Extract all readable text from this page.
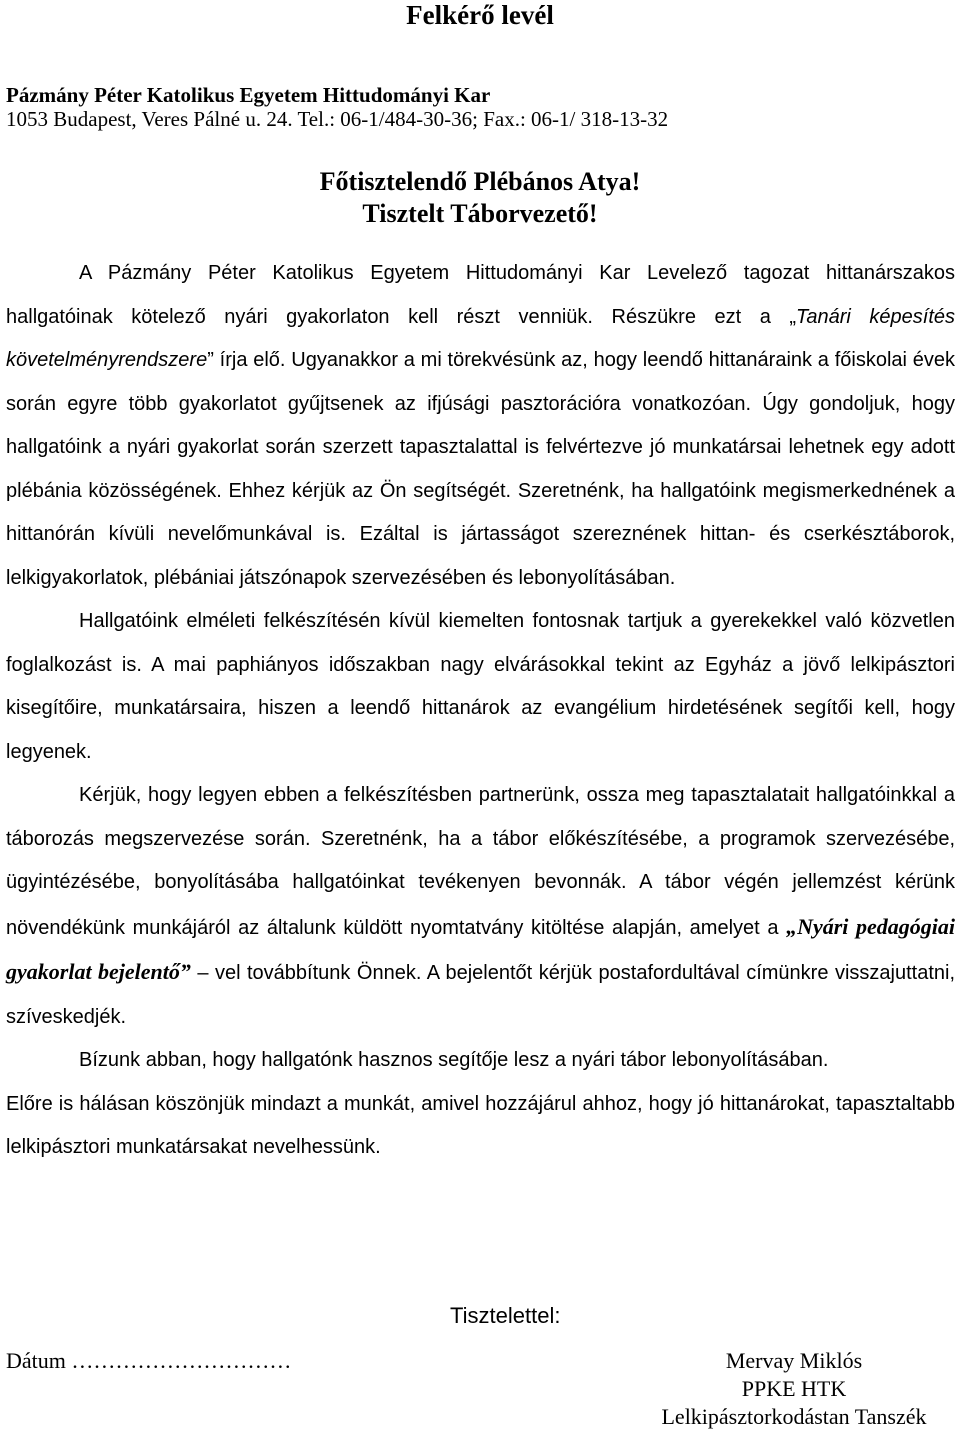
Felkérő levél
Pázmány Péter Katolikus Egyetem Hittudományi Kar
1053 Budapest, Veres Pálné u. 24. Tel.: 06-1/484-30-36; Fax.: 06-1/ 318-13-32
Főtisztelendő Plébános Atya!
Tisztelt Táborvezető!

A Pázmány Péter Katolikus Egyetem Hittudományi Kar Levelező tagozat hittanárszakos hallgatóinak kötelező nyári gyakorlaton kell részt venniük. Részükre ezt a „Tanári képesítés követelményrendszere” írja elő. Ugyanakkor a mi törekvésünk az, hogy leendő hittanáraink a főiskolai évek során egyre több gyakorlatot gyűjtsenek az ifjúsági pasztorációra vonatkozóan. Úgy gondoljuk, hogy hallgatóink a nyári gyakorlat során szerzett tapasztalattal is felvértezve jó munkatársai lehetnek egy adott plébánia közösségének. Ehhez kérjük az Ön segítségét. Szeretnénk, ha hallgatóink megismerkednének a hittanórán kívüli nevelőmunkával is. Ezáltal is jártasságot szereznének hittan- és cserkésztáborok, lelkigyakorlatok, plébániai játszónapok szervezésében és lebonyolításában.

Hallgatóink elméleti felkészítésén kívül kiemelten fontosnak tartjuk a gyerekekkel való közvetlen foglalkozást is. A mai paphiányos időszakban nagy elvárásokkal tekint az Egyház a jövő lelkipásztori kisegítőire, munkatársaira, hiszen a leendő hittanárok az evangélium hirdetésének segítői kell, hogy legyenek.

Kérjük, hogy legyen ebben a felkészítésben partnerünk, ossza meg tapasztalatait hallgatóinkkal a táborozás megszervezése során. Szeretnénk, ha a tábor előkészítésébe, a programok szervezésébe, ügyintézésébe, bonyolításába hallgatóinkat tevékenyen bevonnák. A tábor végén jellemzést kérünk növendékünk munkájáról az általunk küldött nyomtatvány kitöltése alapján, amelyet a „Nyári pedagógiai gyakorlat bejelentő” – vel továbbítunk Önnek. A bejelentőt kérjük postafordultával címünkre visszajuttatni, szíveskedjék.

Bízunk abban, hogy hallgatónk hasznos segítője lesz a nyári tábor lebonyolításában.

Előre is hálásan köszönjük mindazt a munkát, amivel hozzájárul ahhoz, hogy jó hittanárokat, tapasztaltabb lelkipásztori munkatársakat nevelhessünk.

Tisztelettel:
Dátum …………………………	Mervay Miklós
PPKE HTK
Lelkipásztorkodástan Tanszék
